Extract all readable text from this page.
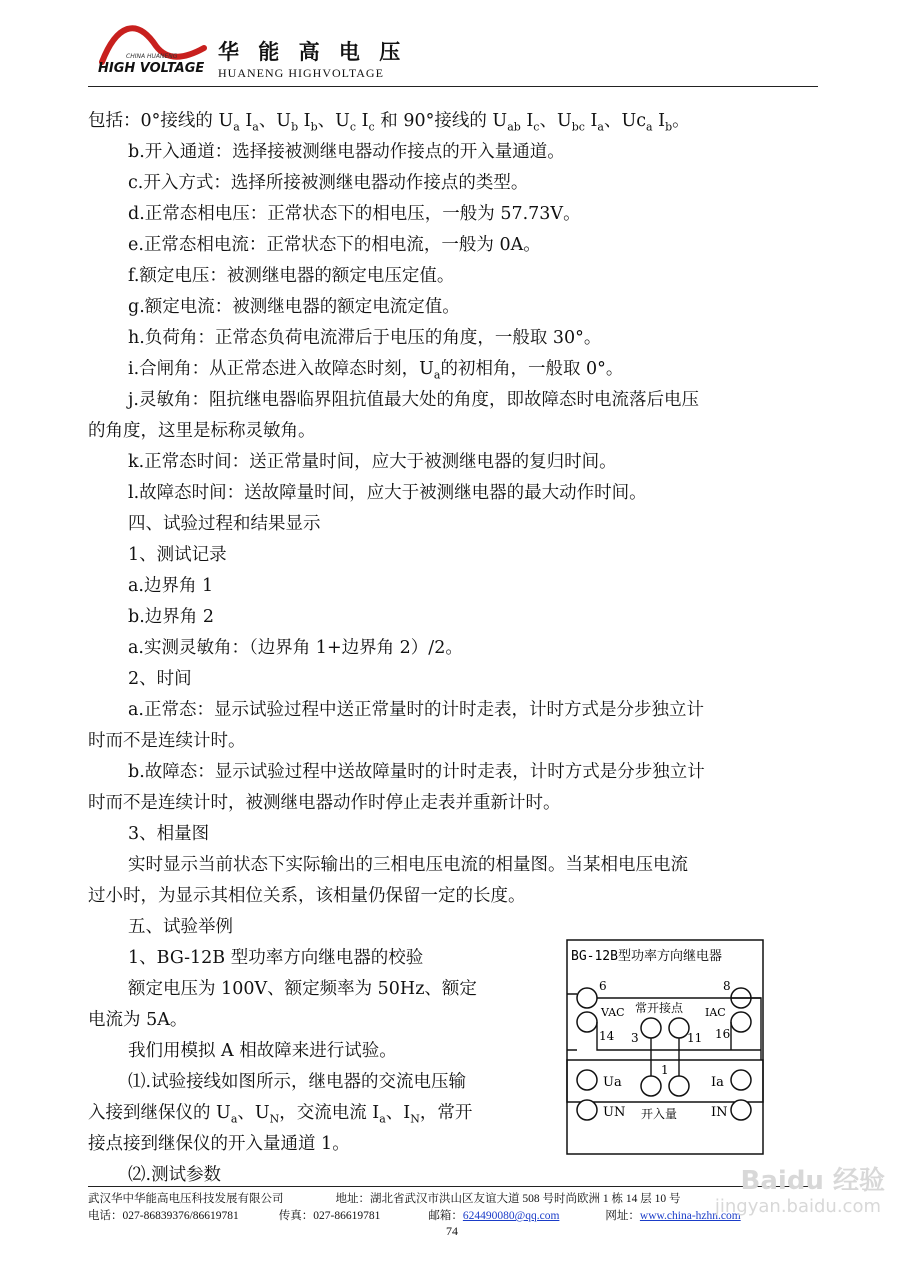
CHINA HUANENG
HIGH VOLTAGE
华 能 高 电 压
HUANENG HIGHVOLTAGE
包括：0°接线的 $U_a$ $I_a$、$U_b$ $I_b$、$U_c$ $I_c$ 和 90°接线的 $U_{ab}$ $I_c$、$U_{bc}$ $I_a$、$Uc_a$ $I_b$。
b.开入通道：选择接被测继电器动作接点的开入量通道。
c.开入方式：选择所接被测继电器动作接点的类型。
d.正常态相电压：正常状态下的相电压，一般为 57.73V。
e.正常态相电流：正常状态下的相电流，一般为 0A。
f.额定电压：被测继电器的额定电压定值。
g.额定电流：被测继电器的额定电流定值。
h.负荷角：正常态负荷电流滞后于电压的角度，一般取 30°。
i.合闸角：从正常态进入故障态时刻，$U_a$的初相角，一般取 0°。
j.灵敏角：阻抗继电器临界阻抗值最大处的角度，即故障态时电流落后电压
的角度，这里是标称灵敏角。
k.正常态时间：送正常量时间，应大于被测继电器的复归时间。
l.故障态时间：送故障量时间，应大于被测继电器的最大动作时间。
四、试验过程和结果显示
1、测试记录
a.边界角 1
b.边界角 2
a.实测灵敏角：（边界角 1+边界角 2）/2。
2、时间
a.正常态：显示试验过程中送正常量时的计时走表，计时方式是分步独立计
时而不是连续计时。
b.故障态：显示试验过程中送故障量时的计时走表，计时方式是分步独立计
时而不是连续计时，被测继电器动作时停止走表并重新计时。
3、相量图
实时显示当前状态下实际输出的三相电压电流的相量图。当某相电压电流
过小时，为显示其相位关系，该相量仍保留一定的长度。
五、试验举例
1、BG-12B 型功率方向继电器的校验
额定电压为 100V、额定频率为 50Hz、额定
电流为 5A。
我们用模拟 A 相故障来进行试验。
⑴.试验接线如图所示，继电器的交流电压输
入接到继保仪的 $U_a$、$U_N$，交流电流 $I_a$、$I_N$，常开
接点接到继保仪的开入量通道 1。
⑵.测试参数
BG-12B型功率方向继电器
6	8
VAC	IAC
常开接点
14 3	11 16
Ua
UN
Ia
IN
1
开入量
武汉华中华能高电压科技发展有限公司	地址：湖北省武汉市洪山区友谊大道 508 号时尚欧洲 1 栋 14 层 10 号
电话：027-86839376/86619781	传真：027-86619781	邮箱：624490080@qq.com	网址：www.china-hzhn.com
74
Baidu 经验
jingyan.baidu.com
